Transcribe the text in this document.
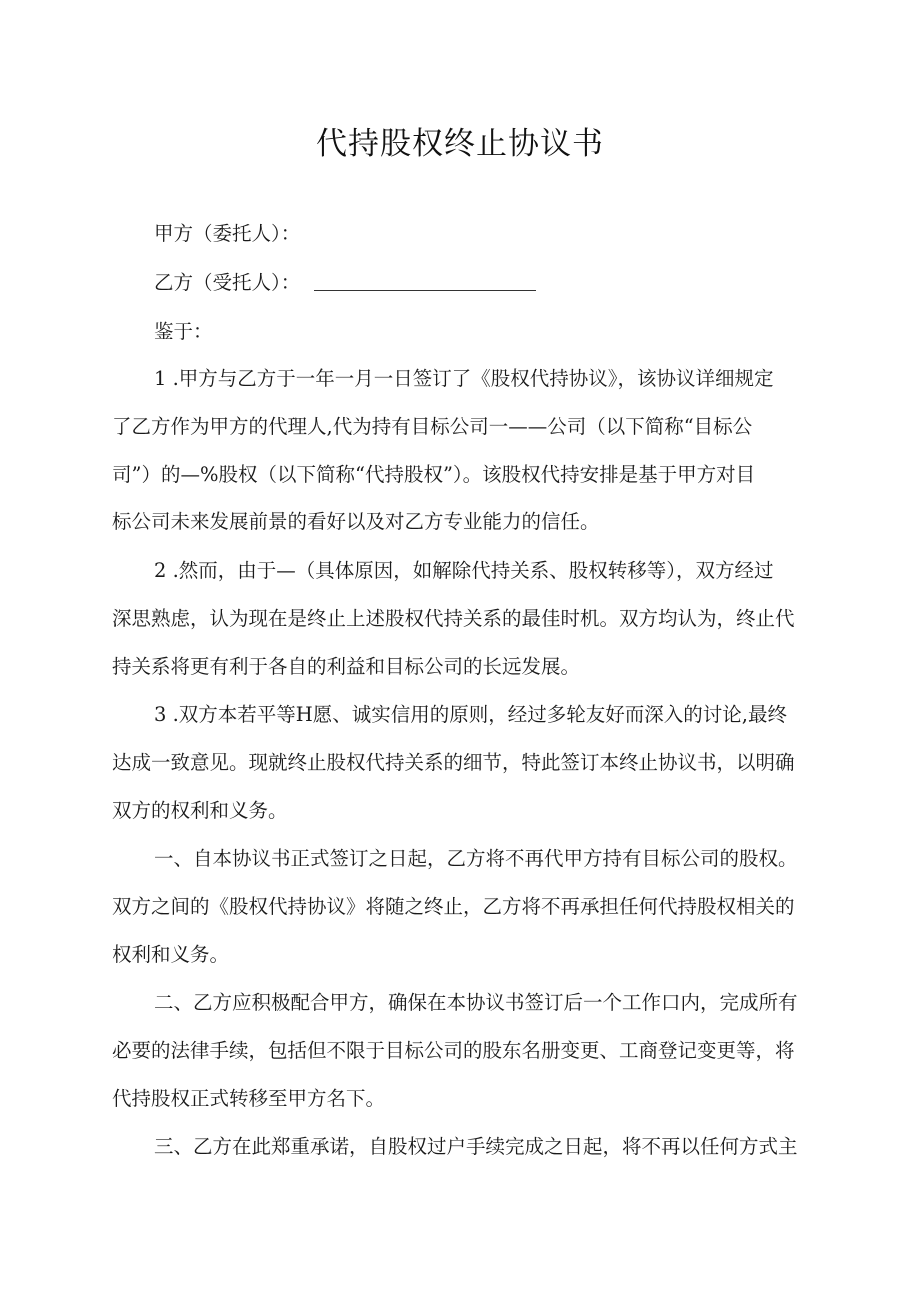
代持股权终止协议书

甲方（委托人）：

乙方（受托人）：

鉴于：

1 .甲方与乙方于一年一月一日签订了《股权代持协议》，该协议详细规定

了乙方作为甲方的代理人,代为持有目标公司一——公司（以下简称“目标公

司”）的—%股权（以下简称“代持股权”）。该股权代持安排是基于甲方对目

标公司未来发展前景的看好以及对乙方专业能力的信任。

2 .然而，由于—（具体原因，如解除代持关系、股权转移等），双方经过

深思熟虑，认为现在是终止上述股权代持关系的最佳时机。双方均认为，终止代

持关系将更有利于各自的利益和目标公司的长远发展。

3 .双方本若平等H愿、诚实信用的原则，经过多轮友好而深入的讨论,最终

达成一致意见。现就终止股权代持关系的细节，特此签订本终止协议书，以明确

双方的权利和义务。

一、自本协议书正式签订之日起，乙方将不再代甲方持有目标公司的股权。

双方之间的《股权代持协议》将随之终止，乙方将不再承担任何代持股权相关的

权利和义务。

二、乙方应积极配合甲方，确保在本协议书签订后一个工作口内，完成所有

必要的法律手续，包括但不限于目标公司的股东名册变更、工商登记变更等，将

代持股权正式转移至甲方名下。

三、乙方在此郑重承诺，自股权过户手续完成之日起，将不再以任何方式主
